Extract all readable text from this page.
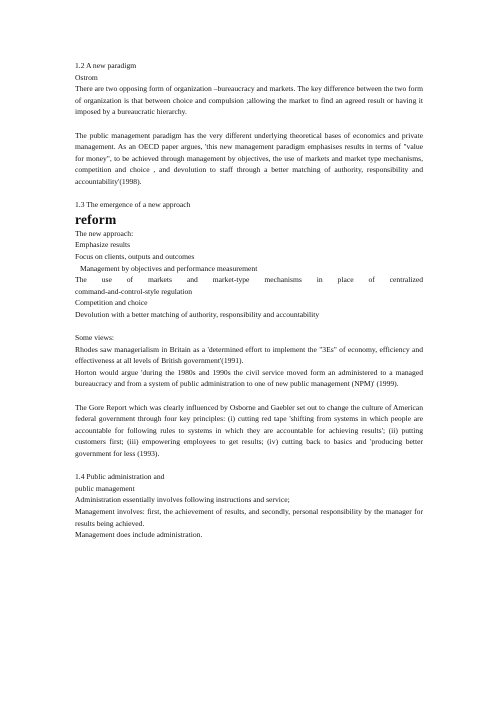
1.2 A new paradigm

Ostrom

There are two opposing form of organization –bureaucracy and markets. The key difference between the two form of organization is that between choice and compulsion ;allowing the market to find an agreed result or having it imposed by a bureaucratic hierarchy.

The public management paradigm has the very different underlying theoretical bases of economics and private management. As an OECD paper argues, 'this new management paradigm emphasises results in terms of "value for money", to be achieved through management by objectives, the use of markets and market type mechanisms, competition and choice , and devolution to staff through a better matching of authority, responsibility and accountability'(1998).

1.3 The emergence of a new approach

reform

The new approach:

Emphasize results

Focus on clients, outputs and outcomes

Management by objectives and performance measurement

The use of markets and market-type mechanisms in place of centralized

command-and-control-style regulation

Competition and choice

Devolution with a better matching of authority, responsibility and accountability

Some views:

Rhodes saw managerialism in Britain as a 'determined effort to implement the "3Es" of economy, efficiency and effectiveness at all levels of British government'(1991).

Horton would argue 'during the 1980s and 1990s the civil service moved form an administered to a managed bureaucracy and from a system of public administration to one of new public management (NPM)' (1999).

The Gore Report which was clearly influenced by Osborne and Gaebler set out to change the culture of American federal government through four key principles: (i) cutting red tape 'shifting from systems in which people are accountable for following rules to systems in which they are accountable for achieving results'; (ii) putting customers first; (iii) empowering employees to get results; (iv) cutting back to basics and 'producing better government for less (1993).

1.4 Public administration and

public management

Administration essentially involves following instructions and service;

Management involves: first, the achievement of results, and secondly, personal responsibility by the manager for results being achieved.

Management does include administration.
